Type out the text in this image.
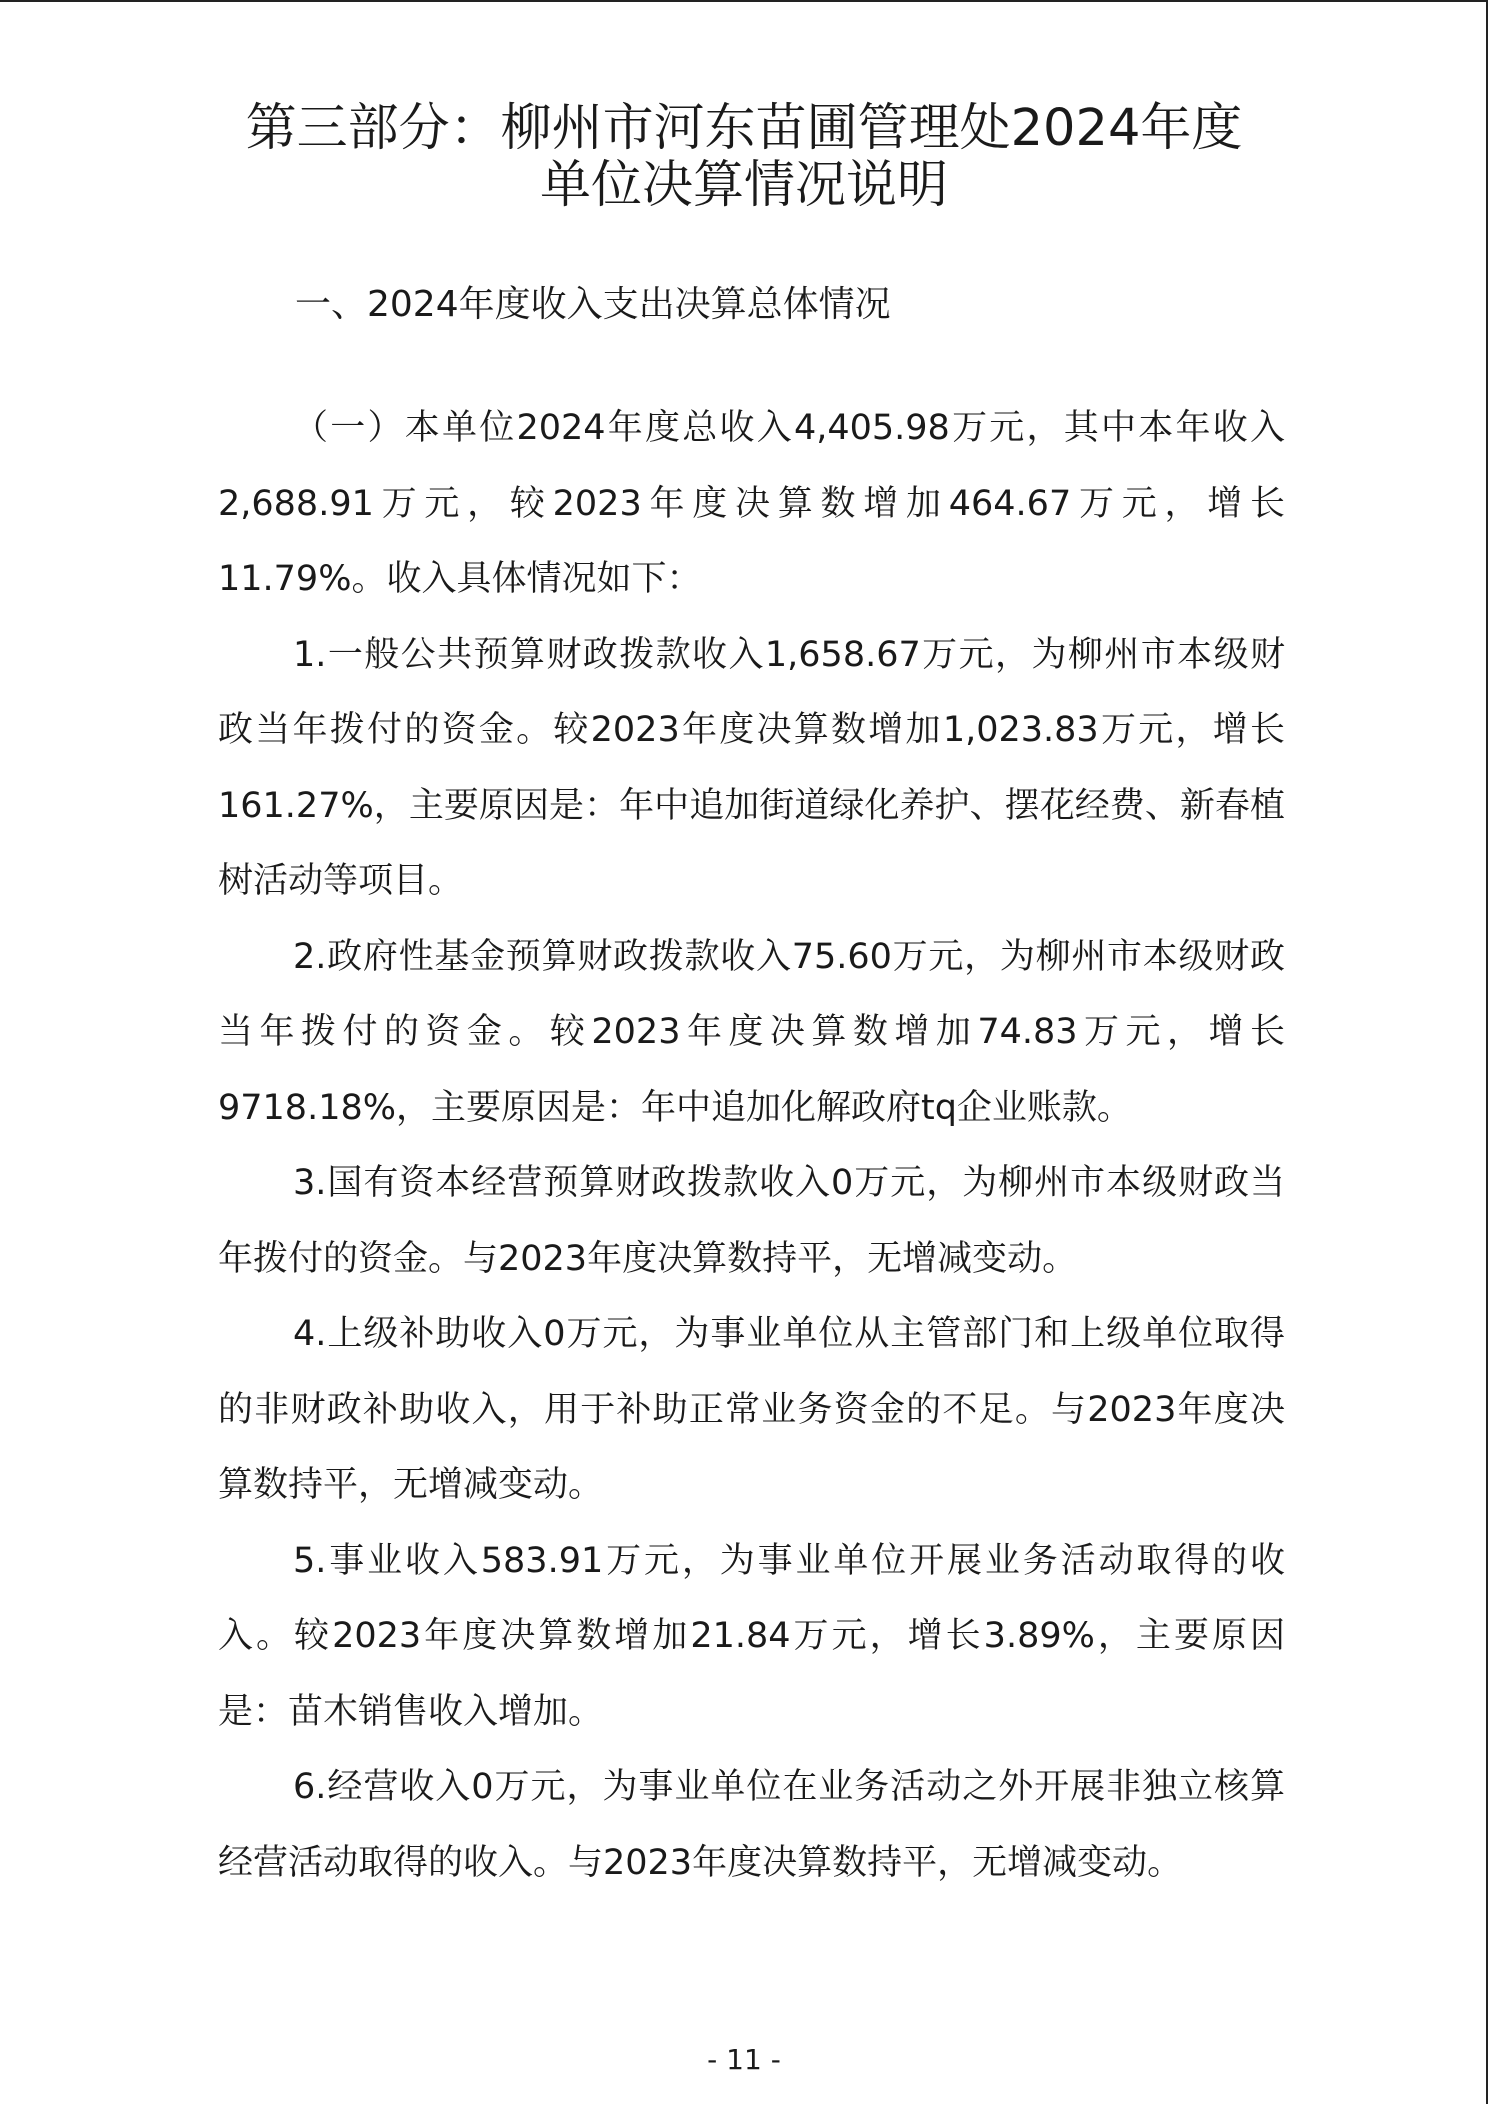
第三部分：柳州市河东苗圃管理处2024年度
单位决算情况说明
一、2024年度收入支出决算总体情况

（一）本单位2024年度总收入4,405.98万元，其中本年收入2,688.91万元，较2023年度决算数增加464.67万元，增长11.79%。收入具体情况如下：

1.一般公共预算财政拨款收入1,658.67万元，为柳州市本级财政当年拨付的资金。较2023年度决算数增加1,023.83万元，增长161.27%，主要原因是：年中追加街道绿化养护、摆花经费、新春植树活动等项目。

2.政府性基金预算财政拨款收入75.60万元，为柳州市本级财政当年拨付的资金。较2023年度决算数增加74.83万元，增长9718.18%，主要原因是：年中追加化解政府tq企业账款。

3.国有资本经营预算财政拨款收入0万元，为柳州市本级财政当年拨付的资金。与2023年度决算数持平，无增减变动。

4.上级补助收入0万元，为事业单位从主管部门和上级单位取得的非财政补助收入，用于补助正常业务资金的不足。与2023年度决算数持平，无增减变动。

5.事业收入583.91万元，为事业单位开展业务活动取得的收入。较2023年度决算数增加21.84万元，增长3.89%，主要原因是：苗木销售收入增加。

6.经营收入0万元，为事业单位在业务活动之外开展非独立核算经营活动取得的收入。与2023年度决算数持平，无增减变动。

- 11 -
